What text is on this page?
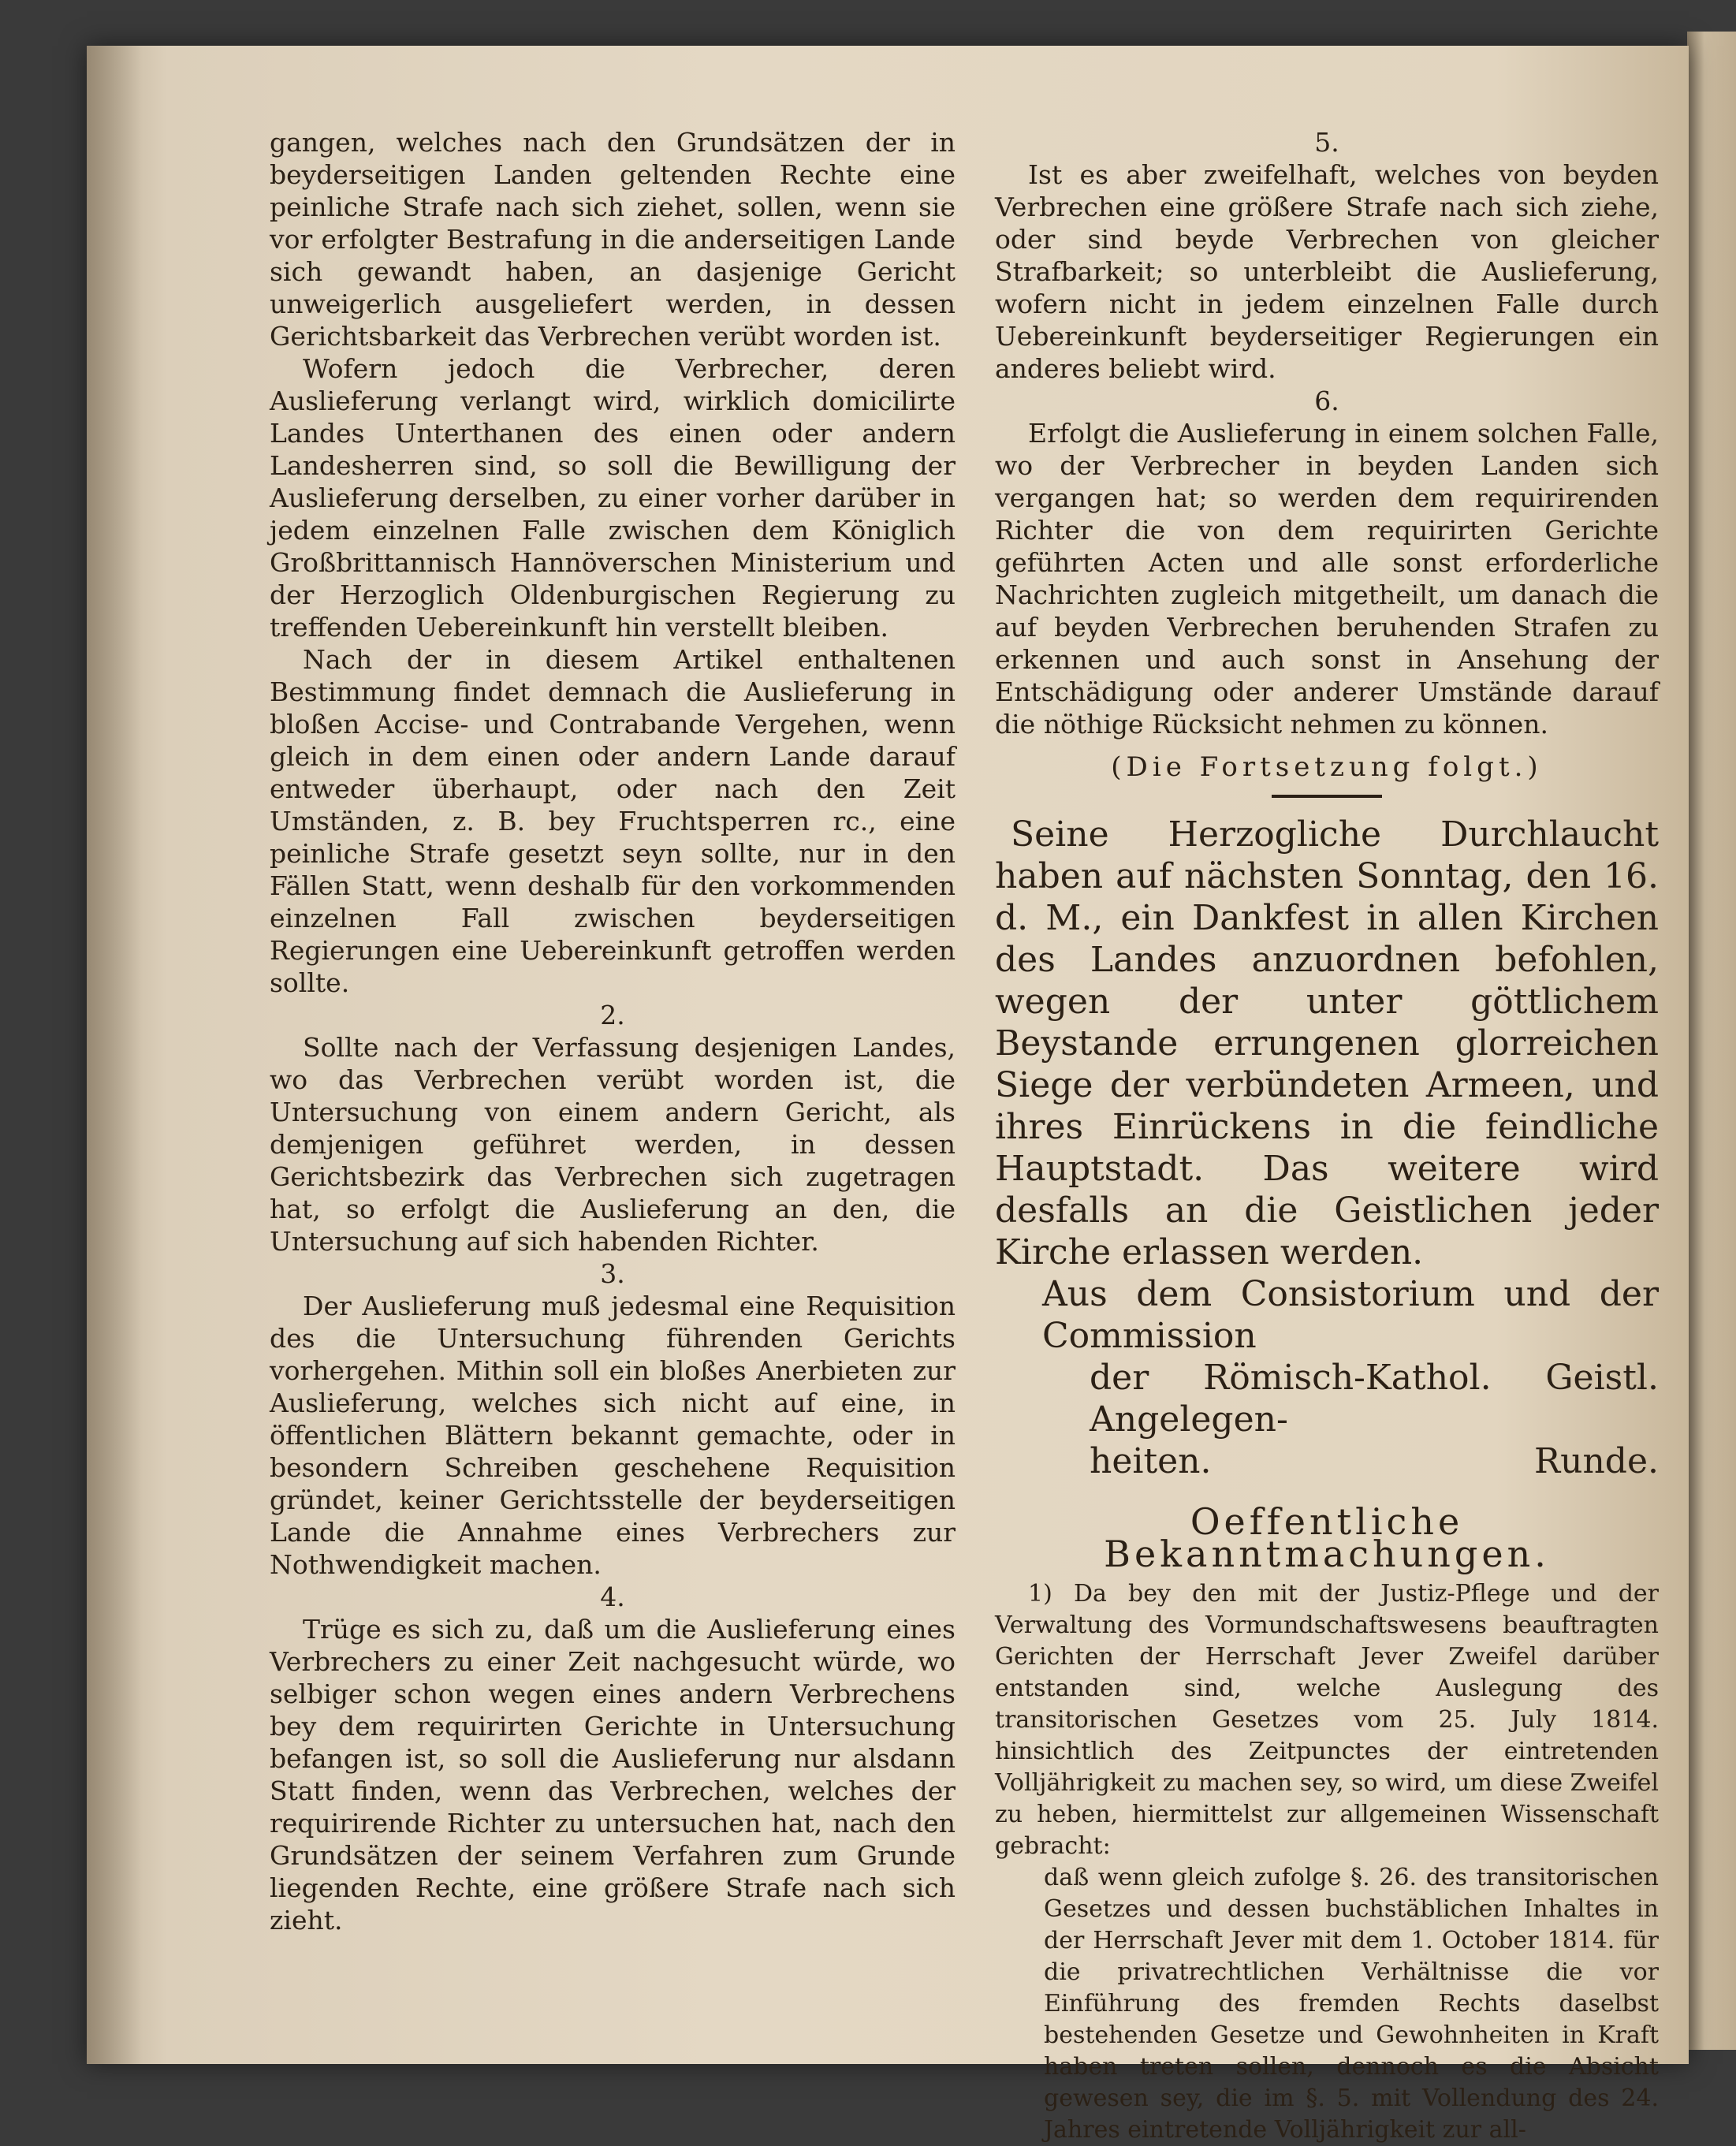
gangen, welches nach den Grundsätzen der in beyderseitigen Landen geltenden Rechte eine peinliche Strafe nach sich ziehet, sollen, wenn sie vor erfolgter Bestrafung in die anderseitigen Lande sich gewandt haben, an dasjenige Gericht unweigerlich ausgeliefert werden, in dessen Gerichtsbarkeit das Verbrechen verübt worden ist.

Wofern jedoch die Verbrecher, deren Auslieferung verlangt wird, wirklich domicilirte Landes Unterthanen des einen oder andern Landesherren sind, so soll die Bewilligung der Auslieferung derselben, zu einer vorher darüber in jedem einzelnen Falle zwischen dem Königlich Großbrittannisch Hannöverschen Ministerium und der Herzoglich Oldenburgischen Regierung zu treffenden Uebereinkunft hin verstellt bleiben.

Nach der in diesem Artikel enthaltenen Bestimmung findet demnach die Auslieferung in bloßen Accise- und Contrabande Vergehen, wenn gleich in dem einen oder andern Lande darauf entweder überhaupt, oder nach den Zeit Umständen, z. B. bey Fruchtsperren rc., eine peinliche Strafe gesetzt seyn sollte, nur in den Fällen Statt, wenn deshalb für den vorkommenden einzelnen Fall zwischen beyderseitigen Regierungen eine Uebereinkunft getroffen werden sollte.

2.

Sollte nach der Verfassung desjenigen Landes, wo das Verbrechen verübt worden ist, die Untersuchung von einem andern Gericht, als demjenigen geführet werden, in dessen Gerichtsbezirk das Verbrechen sich zugetragen hat, so erfolgt die Auslieferung an den, die Untersuchung auf sich habenden Richter.

3.

Der Auslieferung muß jedesmal eine Requisition des die Untersuchung führenden Gerichts vorhergehen. Mithin soll ein bloßes Anerbieten zur Auslieferung, welches sich nicht auf eine, in öffentlichen Blättern bekannt gemachte, oder in besondern Schreiben geschehene Requisition gründet, keiner Gerichtsstelle der beyderseitigen Lande die Annahme eines Verbrechers zur Nothwendigkeit machen.

4.

Trüge es sich zu, daß um die Auslieferung eines Verbrechers zu einer Zeit nachgesucht würde, wo selbiger schon wegen eines andern Verbrechens bey dem requirirten Gerichte in Untersuchung befangen ist, so soll die Auslieferung nur alsdann Statt finden, wenn das Verbrechen, welches der requirirende Richter zu untersuchen hat, nach den Grundsätzen der seinem Verfahren zum Grunde liegenden Rechte, eine größere Strafe nach sich zieht.

5.

Ist es aber zweifelhaft, welches von beyden Verbrechen eine größere Strafe nach sich ziehe, oder sind beyde Verbrechen von gleicher Strafbarkeit; so unterbleibt die Auslieferung, wofern nicht in jedem einzelnen Falle durch Uebereinkunft beyderseitiger Regierungen ein anderes beliebt wird.

6.

Erfolgt die Auslieferung in einem solchen Falle, wo der Verbrecher in beyden Landen sich vergangen hat; so werden dem requirirenden Richter die von dem requirirten Gerichte geführten Acten und alle sonst erforderliche Nachrichten zugleich mitgetheilt, um danach die auf beyden Verbrechen beruhenden Strafen zu erkennen und auch sonst in Ansehung der Entschädigung oder anderer Umstände darauf die nöthige Rücksicht nehmen zu können.

(Die Fortsetzung folgt.)

Seine Herzogliche Durchlaucht haben auf nächsten Sonntag, den 16. d. M., ein Dankfest in allen Kirchen des Landes anzuordnen befohlen, wegen der unter göttlichem Beystande errungenen glorreichen Siege der verbündeten Armeen, und ihres Einrückens in die feindliche Hauptstadt. Das weitere wird desfalls an die Geistlichen jeder Kirche erlassen werden.

Aus dem Consistorium und der Commission
der Römisch-Kathol. Geistl. Angelegen-
heiten.	Runde.
Oeffentliche Bekanntmachungen.

1) Da bey den mit der Justiz-Pflege und der Verwaltung des Vormundschaftswesens beauftragten Gerichten der Herrschaft Jever Zweifel darüber entstanden sind, welche Auslegung des transitorischen Gesetzes vom 25. July 1814. hinsichtlich des Zeitpunctes der eintretenden Volljährigkeit zu machen sey, so wird, um diese Zweifel zu heben, hiermittelst zur allgemeinen Wissenschaft gebracht:

daß wenn gleich zufolge §. 26. des transitorischen Gesetzes und dessen buchstäblichen Inhaltes in der Herrschaft Jever mit dem 1. October 1814. für die privatrechtlichen Verhältnisse die vor Einführung des fremden Rechts daselbst bestehenden Gesetze und Gewohnheiten in Kraft haben treten sollen, dennoch es die Absicht gewesen sey, die im §. 5. mit Vollendung des 24. Jahres eintretende Volljährigkeit zur all-
